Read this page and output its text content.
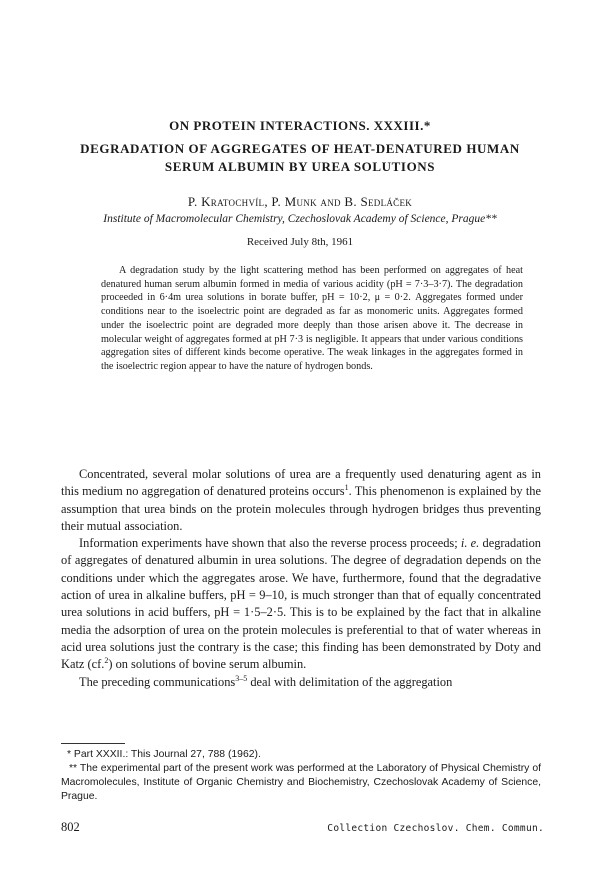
ON PROTEIN INTERACTIONS. XXXIII.*
DEGRADATION OF AGGREGATES OF HEAT-DENATURED HUMAN
SERUM ALBUMIN BY UREA SOLUTIONS
P. Kratochvíl, P. Munk and B. Sedláček
Institute of Macromolecular Chemistry, Czechoslovak Academy of Science, Prague**
Received July 8th, 1961

A degradation study by the light scattering method has been performed on aggregates of heat denatured human serum albumin formed in media of various acidity (pH = 7·3–3·7). The degradation proceeded in 6·4m urea solutions in borate buffer, pH = 10·2, μ = 0·2. Aggregates formed under conditions near to the isoelectric point are degraded as far as monomeric units. Aggregates formed under the isoelectric point are degraded more deeply than those arisen above it. The decrease in molecular weight of aggregates formed at pH 7·3 is negligible. It appears that under various conditions aggregation sites of different kinds become operative. The weak linkages in the aggregates formed in the isoelectric region appear to have the nature of hydrogen bonds.

Concentrated, several molar solutions of urea are a frequently used denaturing agent as in this medium no aggregation of denatured proteins occurs$^1$. This phenomenon is explained by the assumption that urea binds on the protein molecules through hydrogen bridges thus preventing their mutual association.

Information experiments have shown that also the reverse process proceeds; i. e. degradation of aggregates of denatured albumin in urea solutions. The degree of degradation depends on the conditions under which the aggregates arose. We have, furthermore, found that the degradative action of urea in alkaline buffers, pH = 9–10, is much stronger than that of equally concentrated urea solutions in acid buffers, pH = 1·5–2·5. This is to be explained by the fact that in alkaline media the adsorption of urea on the protein molecules is preferential to that of water whereas in acid urea solutions just the contrary is the case; this finding has been demonstrated by Doty and Katz (cf.$^2$) on solutions of bovine serum albumin.

The preceding communications$^{3-5}$ deal with delimitation of the aggregation

* Part XXXII.: This Journal 27, 788 (1962).

** The experimental part of the present work was performed at the Laboratory of Physical Chemistry of Macromolecules, Institute of Organic Chemistry and Biochemistry, Czechoslovak Academy of Science, Prague.

802	Collection Czechoslov. Chem. Commun.
